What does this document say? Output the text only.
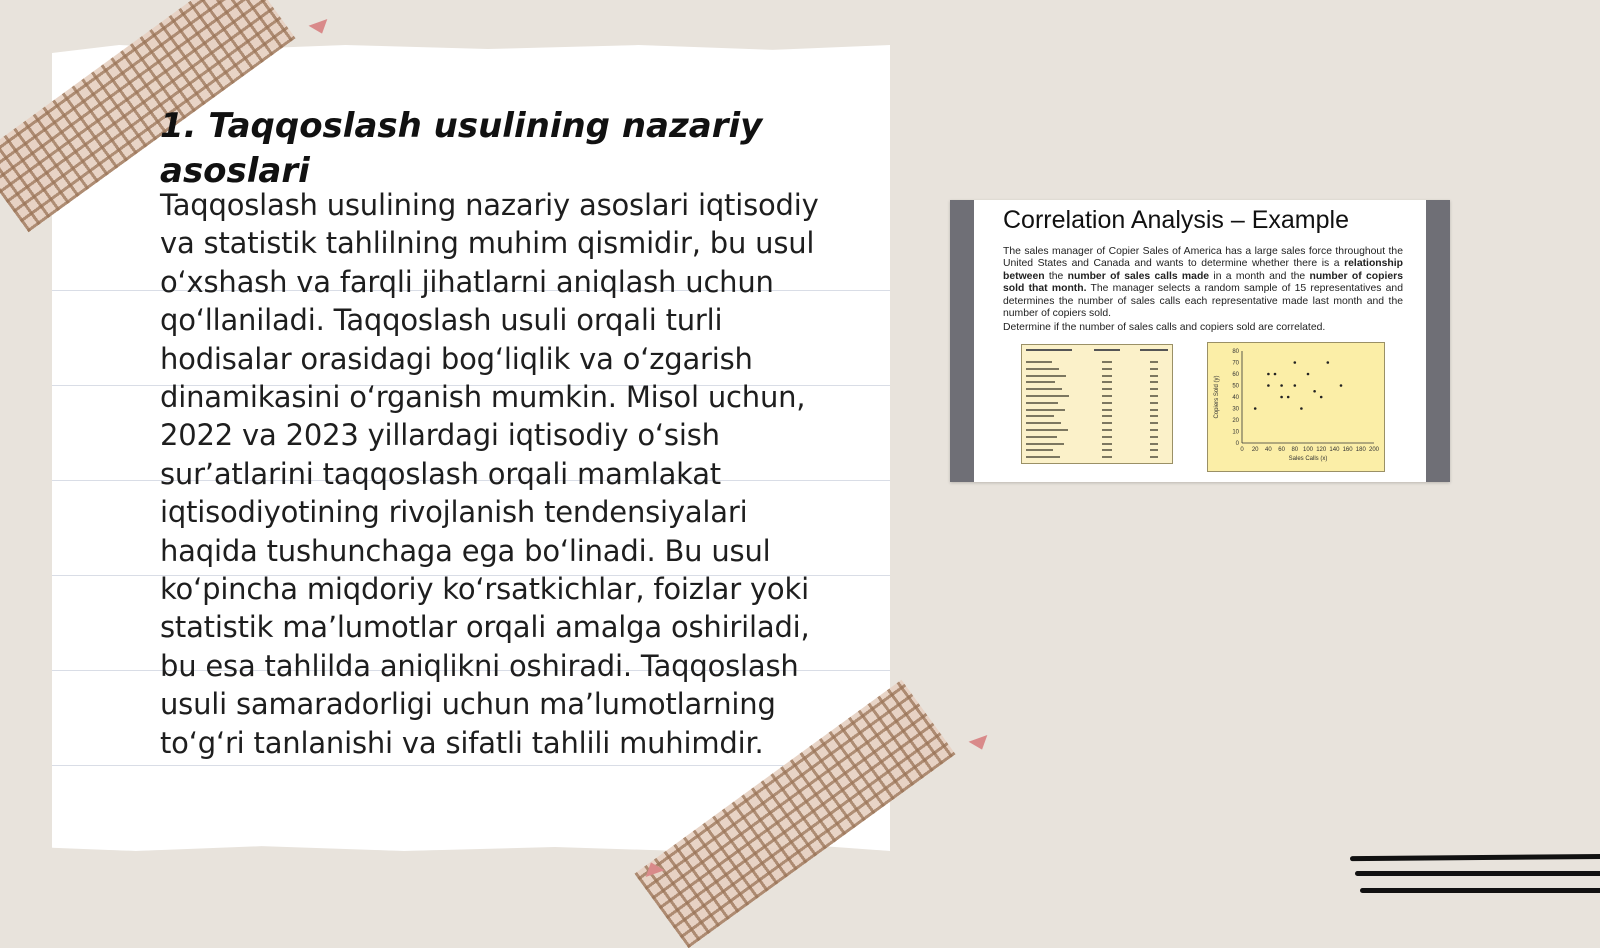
1. Taqqoslash usulining nazariy asoslari

Taqqoslash usulining nazariy asoslari iqtisodiy va statistik tahlilning muhim qismidir, bu usul o‘xshash va farqli jihatlarni aniqlash uchun qo‘llaniladi. Taqqoslash usuli orqali turli hodisalar orasidagi bog‘liqlik va o‘zgarish dinamikasini o‘rganish mumkin. Misol uchun, 2022 va 2023 yillardagi iqtisodiy o‘sish sur’atlarini taqqoslash orqali mamlakat iqtisodiyotining rivojlanish tendensiyalari haqida tushunchaga ega bo‘linadi. Bu usul ko‘pincha miqdoriy ko‘rsatkichlar, foizlar yoki statistik ma’lumotlar orqali amalga oshiriladi, bu esa tahlilda aniqlikni oshiradi. Taqqoslash usuli samaradorligi uchun ma’lumotlarning to‘g‘ri tanlanishi va sifatli tahlili muhimdir.

Correlation Analysis – Example

The sales manager of Copier Sales of America has a large sales force throughout the United States and Canada and wants to determine whether there is a relationship between the number of sales calls made in a month and the number of copiers sold that month. The manager selects a random sample of 15 representatives and determines the number of sales calls each representative made last month and the number of copiers sold.

Determine if the number of sales calls and copiers sold are correlated.
0 20 40 60 80 100 120 140 160 180 200
0
10
20
30
40
50
60
70
80
Sales Calls (x)
Copiers Sold (y)
